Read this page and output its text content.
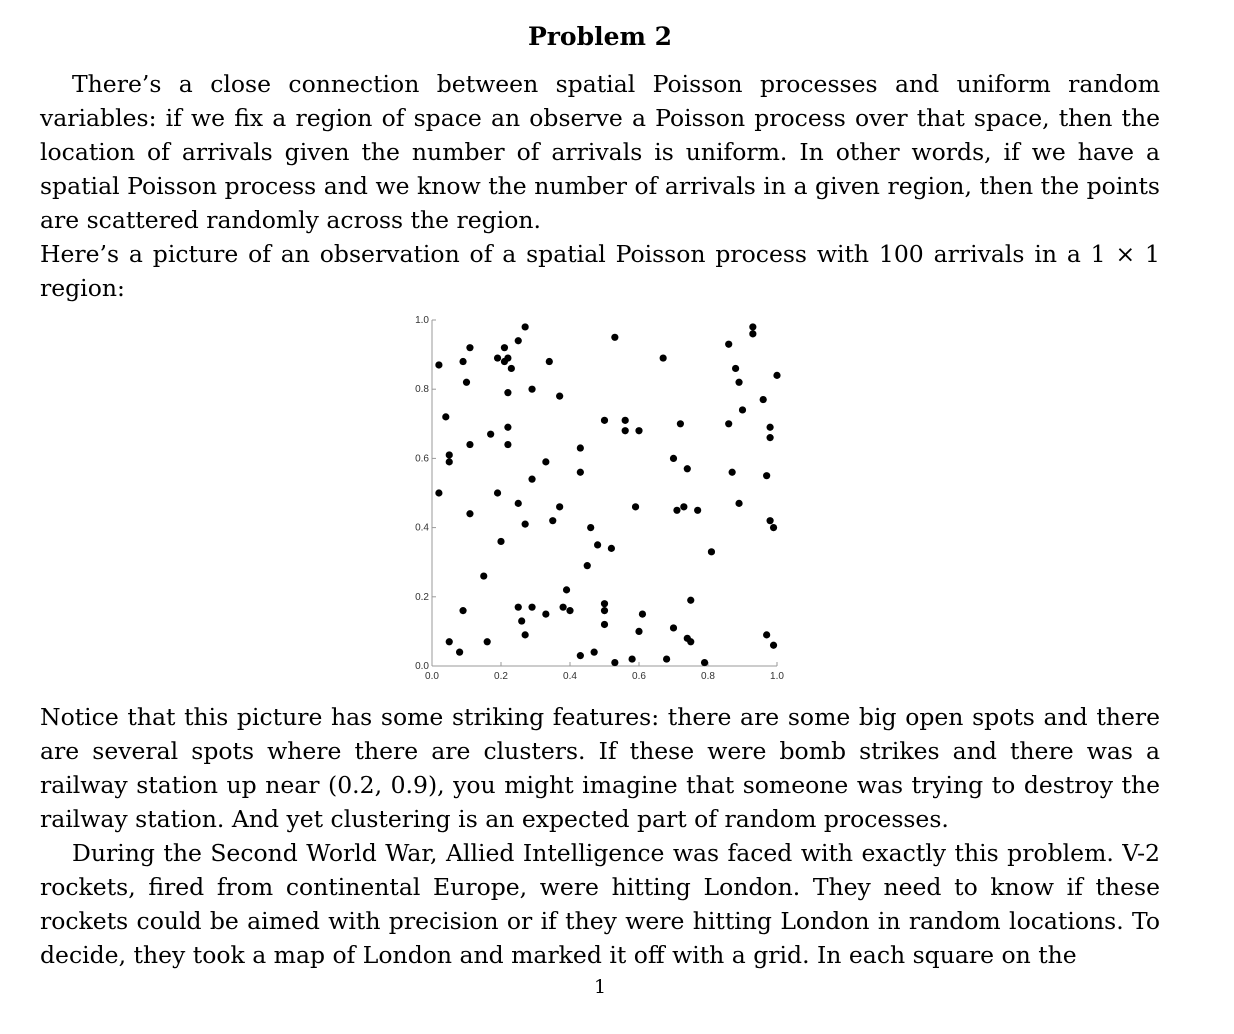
Problem 2
There’s a close connection between spatial Poisson processes and uniform random variables: if we fix a region of space an observe a Poisson process over that space, then the location of arrivals given the number of arrivals is uniform. In other words, if we have a spatial Poisson process and we know the number of arrivals in a given region, then the points are scattered randomly across the region.
Here’s a picture of an observation of a spatial Poisson process with 100 arrivals in a 1 × 1 region:
0.0	0.2	0.4	0.6	0.8	1.0
0.0
0.2
0.4
0.6
0.8
1.0
Notice that this picture has some striking features: there are some big open spots and there are several spots where there are clusters. If these were bomb strikes and there was a railway station up near (0.2, 0.9), you might imagine that someone was trying to destroy the railway station. And yet clustering is an expected part of random processes.
During the Second World War, Allied Intelligence was faced with exactly this problem. V-2 rockets, fired from continental Europe, were hitting London. They need to know if these rockets could be aimed with precision or if they were hitting London in random locations. To decide, they took a map of London and marked it off with a grid. In each square on the
1
